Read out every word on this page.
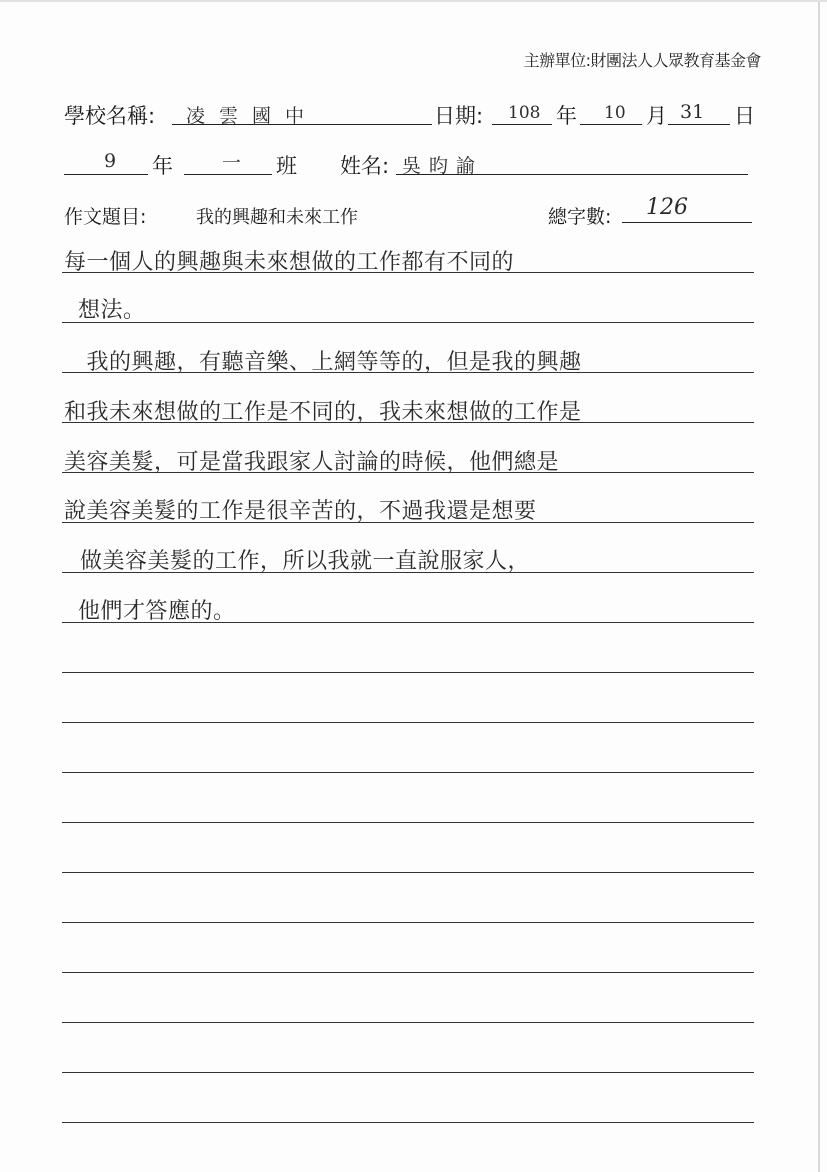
主辦單位:財團法人人眾教育基金會
學校名稱: 凌雲國中	日期: 108 年 10 月 31 日
9 年	一 班 姓名: 吳昀諭
作文題目:	我的興趣和未來工作	總字數: 126
每一個人的興趣與未來想做的工作都有不同的
想法。
　我的興趣，有聽音樂、上網等等的，但是我的興趣
和我未來想做的工作是不同的，我未來想做的工作是
美容美髮，可是當我跟家人討論的時候，他們總是
說美容美髮的工作是很辛苦的，不過我還是想要
做美容美髮的工作，所以我就一直說服家人，
他們才答應的。
